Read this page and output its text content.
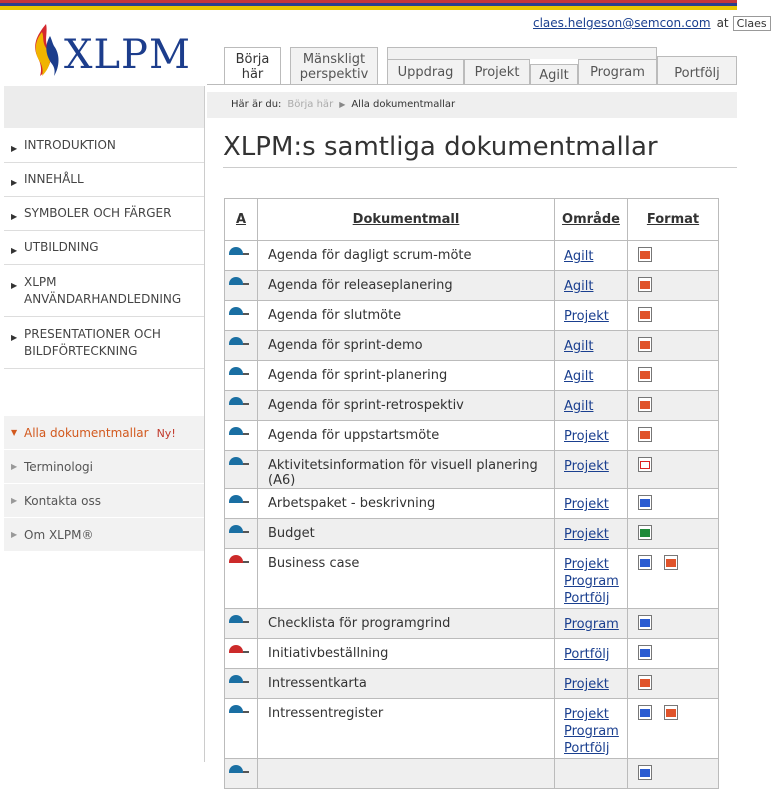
claes.helgeson@semcon.com at Claes
XLPM	Börja
här
Mänskligt
perspektiv	Uppdrag	Projekt	Agilt	Program	Portfölj
▶ INTRODUKTION
▶ INNEHÅLL
▶ SYMBOLER OCH FÄRGER
▶ UTBILDNING
▶ XLPM
ANVÄNDARHANDLEDNING
▶ PRESENTATIONER OCH
BILDFÖRTECKNING
▼ Alla dokumentmallar Ny!
▶ Terminologi
▶ Kontakta oss
▶ Om XLPM®
Här är du: Börja här ▶ Alla dokumentmallar
XLPM:s samtliga dokumentmallar
A	Dokumentmall	Område	Format
	Agenda för dagligt scrum-möte	Agilt	

	Agenda för releaseplanering	Agilt	

	Agenda för slutmöte	Projekt	

	Agenda för sprint-demo	Agilt	

	Agenda för sprint-planering	Agilt	

	Agenda för sprint-retrospektiv	Agilt	

	Agenda för uppstartsmöte	Projekt	

	Aktivitetsinformation för visuell planering (A6)	Projekt	

	Arbetspaket - beskrivning	Projekt	

	Budget	Projekt	

	Business case	Projekt
Program
Portfölj	

	Checklista för programgrind	Program	

	Initiativbeställning	Portfölj	

	Intressentkarta	Projekt	

	Intressentregister	Projekt
Program
Portfölj	
